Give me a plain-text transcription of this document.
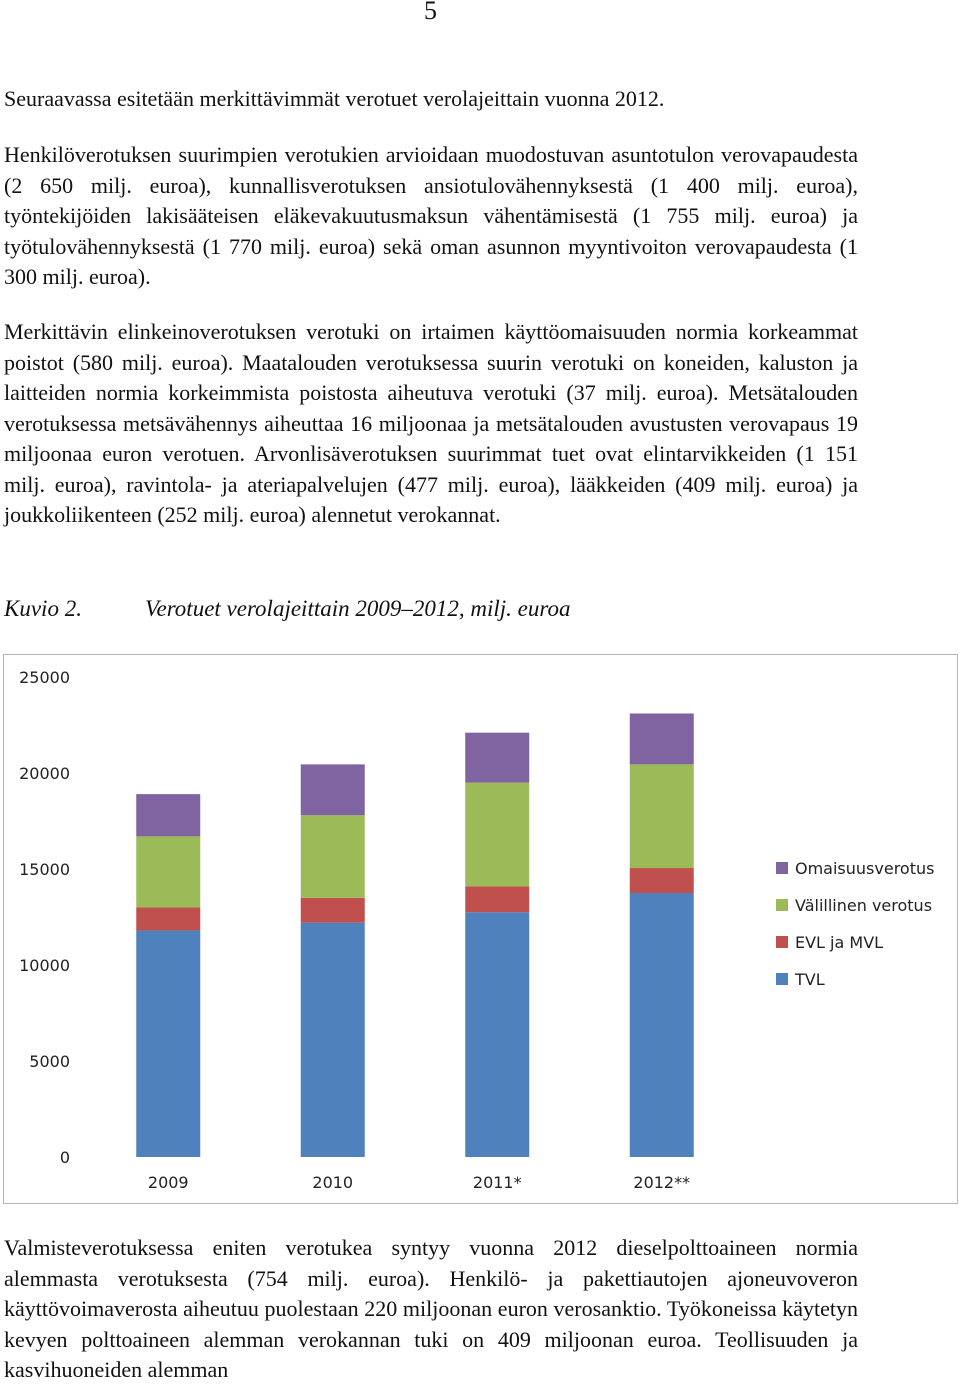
5

Seuraavassa esitetään merkittävimmät verotuet verolajeittain vuonna 2012.

Henkilöverotuksen suurimpien verotukien arvioidaan muodostuvan asuntotulon verovapaudesta (2 650 milj. euroa), kunnallisverotuksen ansiotulovähennyksestä (1 400 milj. euroa), työntekijöiden lakisääteisen eläkevakuutusmaksun vähentämisestä (1 755 milj. euroa) ja työtulovähennyksestä (1 770 milj. euroa) sekä oman asunnon myyntivoiton verovapaudesta (1 300 milj. euroa).

Merkittävin elinkeinoverotuksen verotuki on irtaimen käyttöomaisuuden normia korkeammat poistot (580 milj. euroa). Maatalouden verotuksessa suurin verotuki on koneiden, kaluston ja laitteiden normia korkeimmista poistosta aiheutuva verotuki (37 milj. euroa). Metsätalouden verotuksessa metsävähennys aiheuttaa 16 miljoonaa ja metsätalouden avustusten verovapaus 19 miljoonaa euron verotuen. Arvonlisäverotuksen suurimmat tuet ovat elintarvikkeiden (1 151 milj. euroa), ravintola- ja ateriapalvelujen (477 milj. euroa), lääkkeiden (409 milj. euroa) ja joukkoliikenteen (252 milj. euroa) alennetut verokannat.

Kuvio 2.	Verotuet verolajeittain 2009–2012, milj. euroa
0
5000
10000
15000
20000
25000
2009	2010	2011*	2012**
Omaisuusverotus
Välillinen verotus
EVL ja MVL
TVL

Valmisteverotuksessa eniten verotukea syntyy vuonna 2012 dieselpolttoaineen normia alemmasta verotuksesta (754 milj. euroa). Henkilö- ja pakettiautojen ajoneuvoveron käyttövoimaverosta aiheutuu puolestaan 220 miljoonan euron verosanktio. Työkoneissa käytetyn kevyen polttoaineen alemman verokannan tuki on 409 miljoonan euroa. Teollisuuden ja kasvihuoneiden alemman
